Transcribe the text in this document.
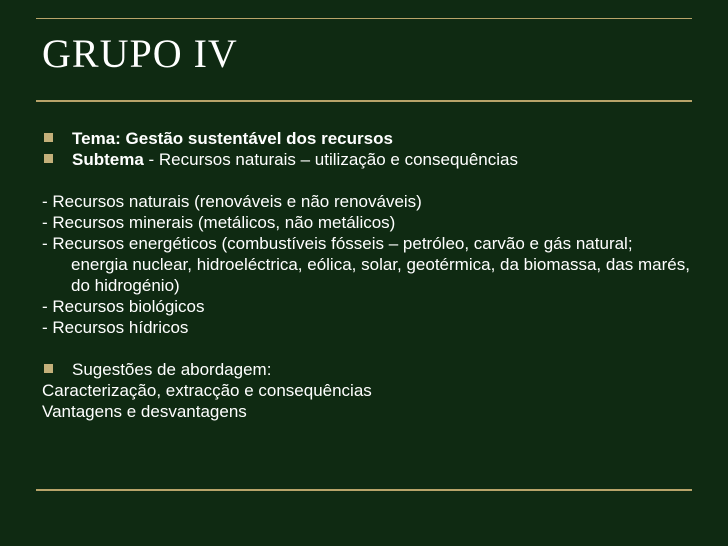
GRUPO IV

Tema: Gestão sustentável dos recursos

Subtema - Recursos naturais – utilização e consequências

- Recursos naturais (renováveis e não renováveis)

- Recursos minerais (metálicos, não metálicos)

- Recursos energéticos (combustíveis fósseis – petróleo, carvão e gás natural; energia nuclear, hidroeléctrica, eólica, solar, geotérmica, da biomassa, das marés, do hidrogénio)

- Recursos biológicos

- Recursos hídricos

Sugestões de abordagem:

Caracterização, extracção e consequências

Vantagens e desvantagens
